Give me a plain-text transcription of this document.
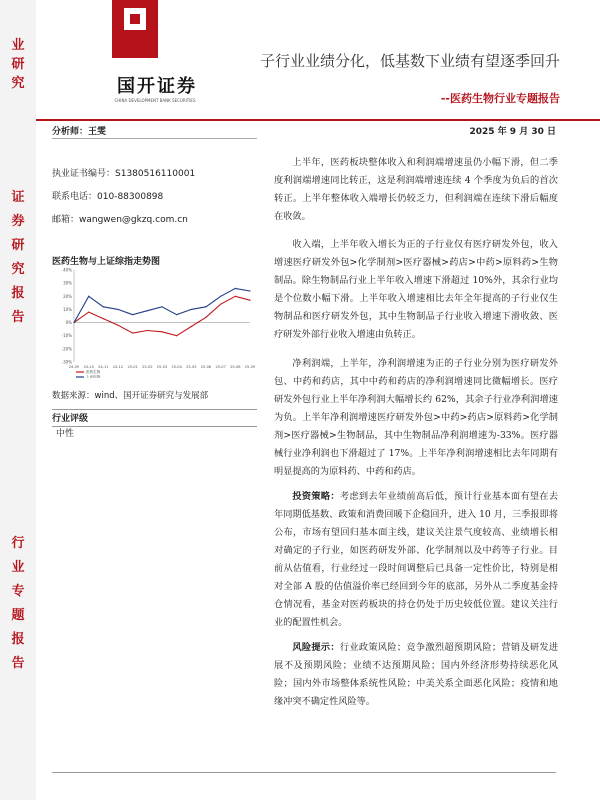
业
研
究
证
券
研
究
报
告
行
业
专
题
报
告
国开证券
CHINA DEVELOPMENT BANK SECURITIES
子行业业绩分化，低基数下业绩有望逐季回升
--医药生物行业专题报告
分析师：王雯	2025 年 9 月 30 日
执业证书编号：S1380516110001
联系电话：010-88300898
邮箱：wangwen@gkzq.com.cn
医药生物与上证综指走势图
40%
30%
20%
10%
0%
-10%
-20%
-30%
24-09 24-10 24-11 24-12 25-01 25-02 25-03 25-04 25-05 25-06 25-07 25-08 25-09
医药生物
上证综指
数据来源：wind、国开证券研究与发展部
行业评级
中性

上半年，医药板块整体收入和利润端增速虽仍小幅下滑，但二季度利润端增速同比转正，这是利润端增速连续 4 个季度为负后的首次转正。上半年整体收入端增长仍较乏力，但利润端在连续下滑后幅度在收敛。

收入端，上半年收入增长为正的子行业仅有医疗研发外包，收入增速医疗研发外包>化学制剂>医疗器械>药店>中药>原料药>生物制品。除生物制品行业上半年收入增速下滑超过 10%外，其余行业均是个位数小幅下滑。上半年收入增速相比去年全年提高的子行业仅生物制品和医疗研发外包，其中生物制品子行业收入增速下滑收敛、医疗研发外部行业收入增速由负转正。

净利润端，上半年，净利润增速为正的子行业分别为医疗研发外包、中药和药店，其中中药和药店的净利润增速同比微幅增长。医疗研发外包行业上半年净利润大幅增长约 62%，其余子行业净利润增速为负。上半年净利润增速医疗研发外包>中药>药店>原料药>化学制剂>医疗器械>生物制品，其中生物制品净利润增速为-33%。医疗器械行业净利润也下滑超过了 17%。上半年净利润增速相比去年同期有明显提高的为原料药、中药和药店。

投资策略：考虑到去年业绩前高后低，预计行业基本面有望在去年同期低基数、政策和消费回暖下企稳回升，进入 10 月，三季报即将公布，市场有望回归基本面主线，建议关注景气度较高、业绩增长相对确定的子行业，如医药研发外部、化学制剂以及中药等子行业。目前从估值看，行业经过一段时间调整后已具备一定性价比，特别是相对全部 A 股的估值溢价率已经回到今年的底部，另外从二季度基金持仓情况看，基金对医药板块的持仓仍处于历史较低位置。建议关注行业的配置性机会。

风险提示：行业政策风险；竞争激烈超预期风险；营销及研发进展不及预期风险；业绩不达预期风险；国内外经济形势持续恶化风险；国内外市场整体系统性风险；中美关系全面恶化风险；疫情和地缘冲突不确定性风险等。
